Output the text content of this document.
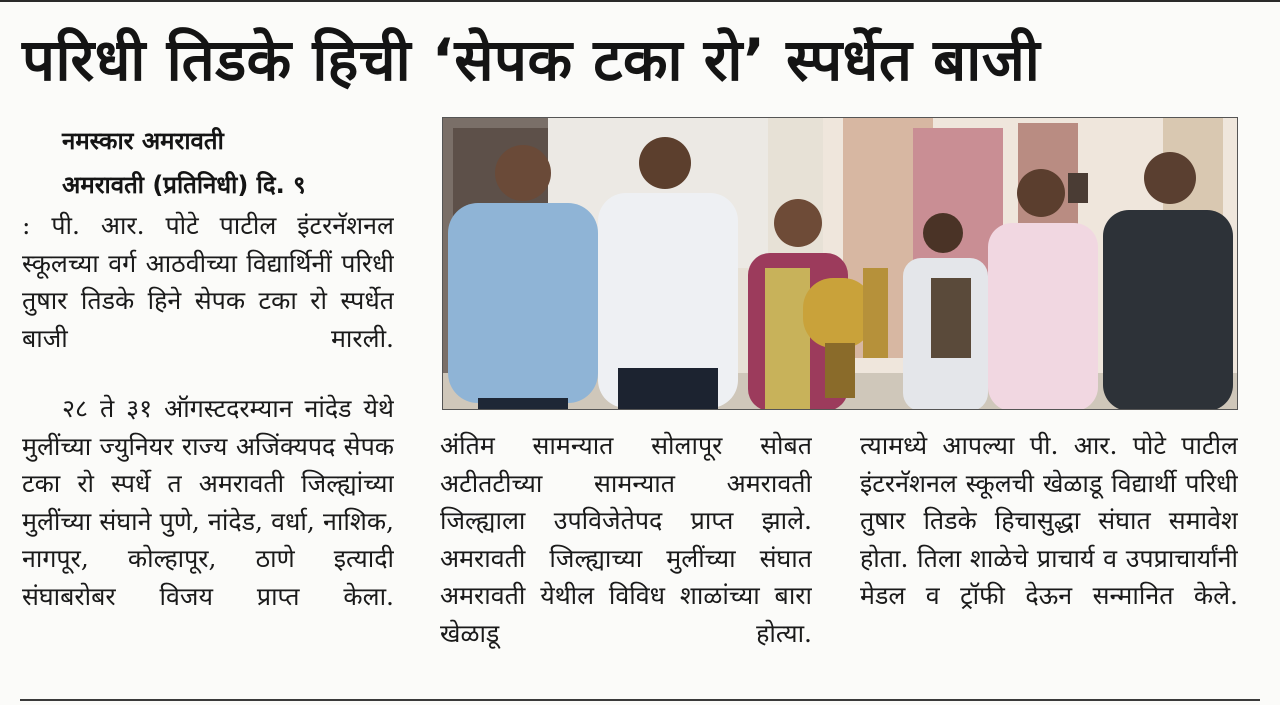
परिधी तिडके हिची ‘सेपक टका रो’ स्पर्धेत बाजी
नमस्कार अमरावती
अमरावती (प्रतिनिधी) दि. ९

: पी. आर. पोटे पाटील इंटरनॅशनल स्कूलच्या वर्ग आठवीच्या विद्यार्थिनीं परिधी तुषार तिडके हिने सेपक टका रो स्पर्धेत बाजी मारली.

२८ ते ३१ ऑगस्टदरम्यान नांदेड येथे मुलींच्या ज्युनियर राज्य अजिंक्यपद सेपक टका रो स्पर्धे त अमरावती जिल्ह्यांच्या मुलींच्या संघाने पुणे, नांदेड, वर्धा, नाशिक, नागपूर, कोल्हापूर, ठाणे इत्यादी संघाबरोबर विजय प्राप्त केला.

अंतिम सामन्यात सोलापूर सोबत अटीतटीच्या सामन्यात अमरावती जिल्ह्याला उपविजेतेपद प्राप्त झाले. अमरावती जिल्ह्याच्या मुलींच्या संघात अमरावती येथील विविध शाळांच्या बारा खेळाडू होत्या.

त्यामध्ये आपल्या पी. आर. पोटे पाटील इंटरनॅशनल स्कूलची खेळाडू विद्यार्थी परिधी तुषार तिडके हिचासुद्धा संघात समावेश होता. तिला शाळेचे प्राचार्य व उपप्राचार्यांनी मेडल व ट्रॉफी देऊन सन्मानित केले.
